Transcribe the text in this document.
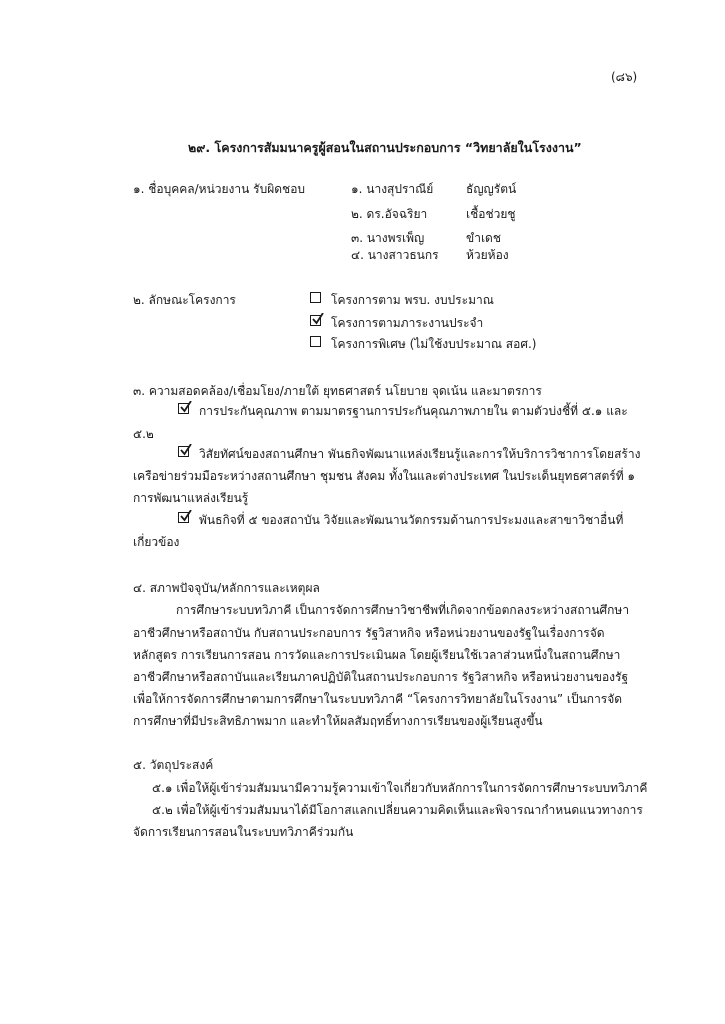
(๘๖)
๒๙. โครงการสัมมนาครูผู้สอนในสถานประกอบการ “วิทยาลัยในโรงงาน”
๑. ชื่อบุคคล/หน่วยงาน รับผิดชอบ	๑. นางสุปราณีย์	ธัญญรัตน์
๒. ดร.อัจฉริยา	เชื้อช่วยชู
๓. นางพรเพ็ญ	ขำเดช
๔. นางสาวธนกร ห้วยห้อง
๒. ลักษณะโครงการ	โครงการตาม พรบ. งบประมาณ
โครงการตามภาระงานประจำ
โครงการพิเศษ (ไม่ใช้งบประมาณ สอศ.)
๓. ความสอดคล้อง/เชื่อมโยง/ภายใต้ ยุทธศาสตร์ นโยบาย จุดเน้น และมาตรการ
การประกันคุณภาพ ตามมาตรฐานการประกันคุณภาพภายใน ตามตัวบ่งชี้ที่ ๕.๑ และ
๕.๒
วิสัยทัศน์ของสถานศึกษา พันธกิจพัฒนาแหล่งเรียนรู้และการให้บริการวิชาการโดยสร้าง
เครือข่ายร่วมมือระหว่างสถานศึกษา ชุมชน สังคม ทั้งในและต่างประเทศ ในประเด็นยุทธศาสตร์ที่ ๑
การพัฒนาแหล่งเรียนรู้
พันธกิจที่ ๕ ของสถาบัน วิจัยและพัฒนานวัตกรรมด้านการประมงและสาขาวิชาอื่นที่
เกี่ยวข้อง
๔. สภาพปัจจุบัน/หลักการและเหตุผล
การศึกษาระบบทวิภาคี เป็นการจัดการศึกษาวิชาชีพที่เกิดจากข้อตกลงระหว่างสถานศึกษา
อาชีวศึกษาหรือสถาบัน กับสถานประกอบการ รัฐวิสาหกิจ หรือหน่วยงานของรัฐในเรื่องการจัด
หลักสูตร การเรียนการสอน การวัดและการประเมินผล โดยผู้เรียนใช้เวลาส่วนหนึ่งในสถานศึกษา
อาชีวศึกษาหรือสถาบันและเรียนภาคปฏิบัติในสถานประกอบการ รัฐวิสาหกิจ หรือหน่วยงานของรัฐ
เพื่อให้การจัดการศึกษาตามการศึกษาในระบบทวิภาคี “โครงการวิทยาลัยในโรงงาน” เป็นการจัด
การศึกษาที่มีประสิทธิภาพมาก และทำให้ผลสัมฤทธิ์ทางการเรียนของผู้เรียนสูงขึ้น
๕. วัตถุประสงค์
๕.๑ เพื่อให้ผู้เข้าร่วมสัมมนามีความรู้ความเข้าใจเกี่ยวกับหลักการในการจัดการศึกษาระบบทวิภาคี
๕.๒ เพื่อให้ผู้เข้าร่วมสัมมนาได้มีโอกาสแลกเปลี่ยนความคิดเห็นและพิจารณากำหนดแนวทางการ
จัดการเรียนการสอนในระบบทวิภาคีร่วมกัน
